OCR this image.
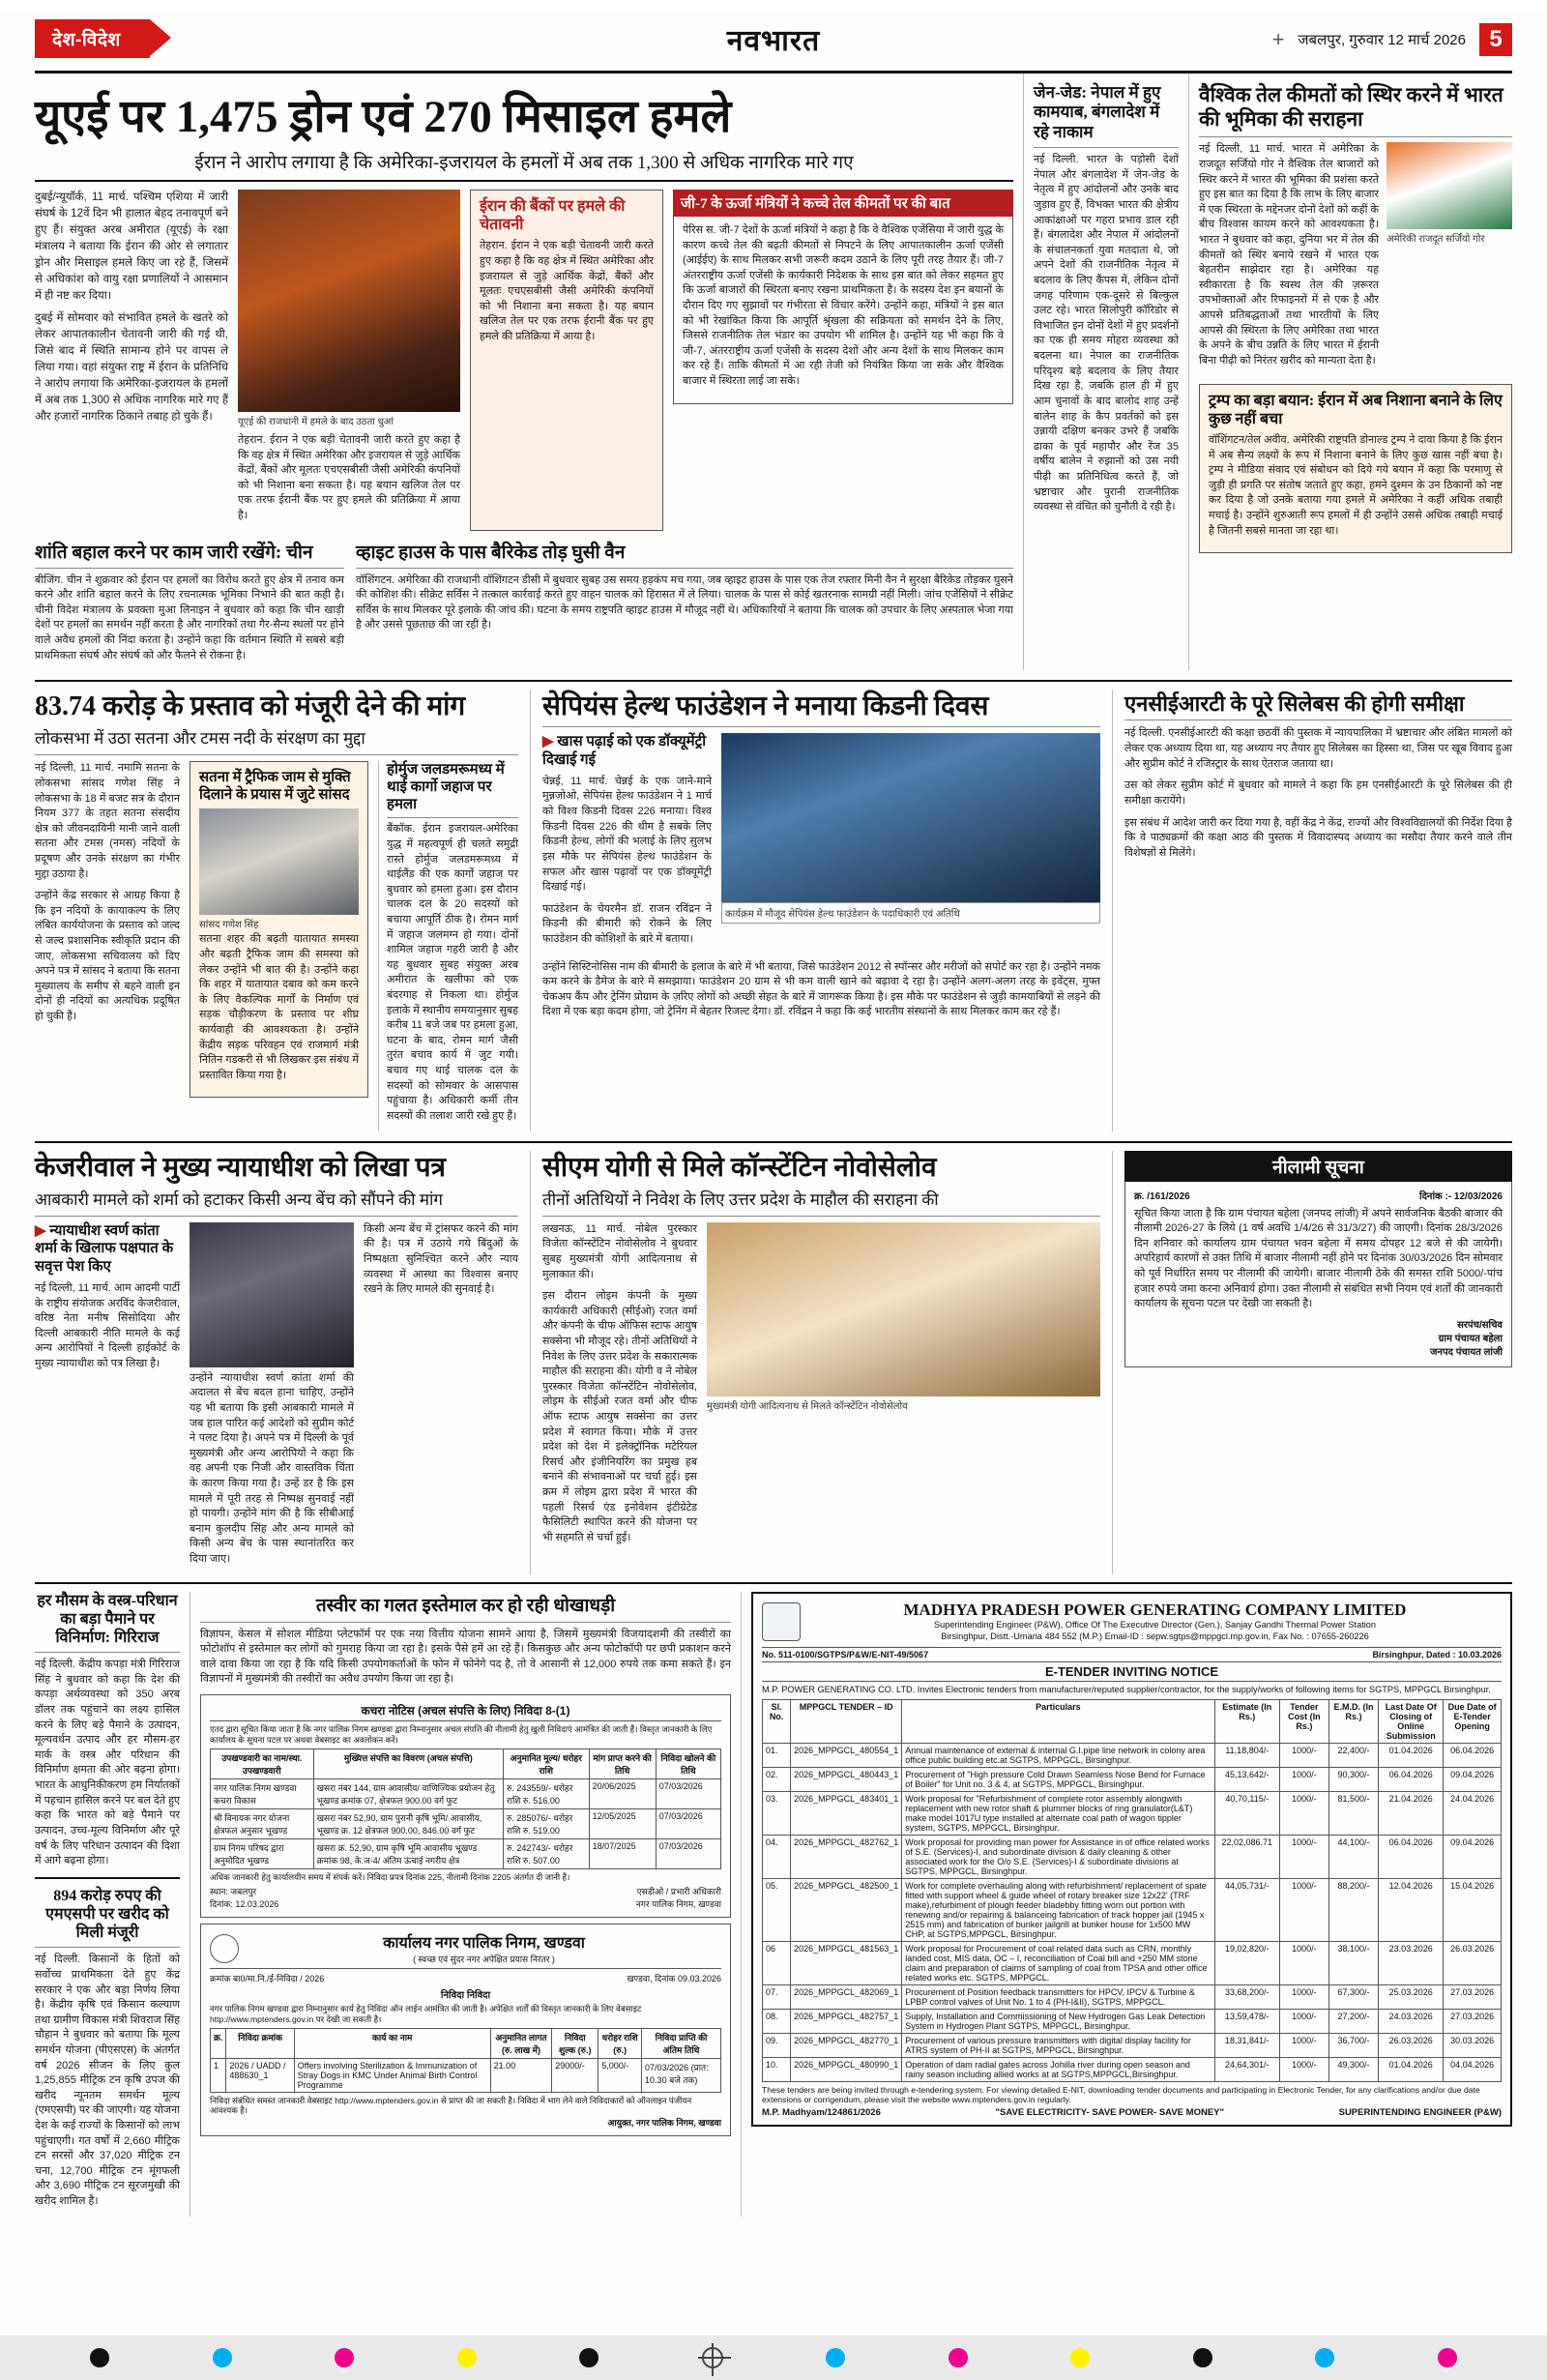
देश-विदेश	नवभारत	+ जबलपुर, गुरुवार 12 मार्च 2026	5
यूएई पर 1,475 ड्रोन एवं 270 मिसाइल हमले
ईरान ने आरोप लगाया है कि अमेरिका-इजरायल के हमलों में अब तक 1,300 से अधिक नागरिक मारे गए

दुबई/न्यूयॉर्क, 11 मार्च. पश्चिम एशिया में जारी संघर्ष के 12वें दिन भी हालात बेहद तनावपूर्ण बने हुए हैं। संयुक्त अरब अमीरात (यूएई) के रक्षा मंत्रालय ने बताया कि ईरान की ओर से लगातार ड्रोन और मिसाइल हमले किए जा रहे हैं, जिसमें से अधिकांश को वायु रक्षा प्रणालियों ने आसमान में ही नष्ट कर दिया।

दुबई में सोमवार को संभावित हमले के खतरे को लेकर आपातकालीन चेतावनी जारी की गई थी, जिसे बाद में स्थिति सामान्य होने पर वापस ले लिया गया। वहां संयुक्त राष्ट्र में ईरान के प्रतिनिधि ने आरोप लगाया कि अमेरिका-इजरायल के हमलों में अब तक 1,300 से अधिक नागरिक मारे गए हैं और हजारों नागरिक ठिकाने तबाह हो चुके हैं।	यूएई की राजधानी में हमले के बाद उठता धुआं

तेहरान. ईरान ने एक बड़ी चेतावनी जारी करते हुए कहा है कि वह क्षेत्र में स्थित अमेरिका और इजरायल से जुड़े आर्थिक केंद्रों, बैंकों और मूलतः एचएसबीसी जैसी अमेरिकी कंपनियों को भी निशाना बना सकता है। यह बयान खलिज तेल पर एक तरफ ईरानी बैंक पर हुए हमले की प्रतिक्रिया में आया है।

ईरान की बैंकों पर हमले की चेतावनी

तेहरान. ईरान ने एक बड़ी चेतावनी जारी करते हुए कहा है कि वह क्षेत्र में स्थित अमेरिका और इजरायल से जुड़े आर्थिक केंद्रों, बैंकों और मूलतः एचएसबीसी जैसी अमेरिकी कंपनियों को भी निशाना बना सकता है। यह बयान खलिज तेल पर एक तरफ ईरानी बैंक पर हुए हमले की प्रतिक्रिया में आया है।

जी-7 के ऊर्जा मंत्रियों ने कच्चे तेल कीमतों पर की बात

पेरिस स. जी-7 देशों के ऊर्जा मंत्रियों ने कहा है कि वे वैश्विक एजेंसिया में जारी युद्ध के कारण कच्चे तेल की बढ़ती कीमतों से निपटने के लिए आपातकालीन ऊर्जा एजेंसी (आईईए) के साथ मिलकर सभी जरूरी कदम उठाने के लिए पूरी तरह तैयार हैं। जी-7 अंतरराष्ट्रीय ऊर्जा एजेंसी के कार्यकारी निदेशक के साथ इस बात को लेकर सहमत हुए कि ऊर्जा बाजारों की स्थिरता बनाए रखना प्राथमिकता है। के सदस्य देश इन बयानों के दौरान दिए गए सुझावों पर गंभीरता से विचार करेंगे। उन्होंने कहा, मंत्रियों ने इस बात को भी रेखांकित किया कि आपूर्ति श्रृंखला की सक्रियता को समर्थन देने के लिए, जिससे राजनीतिक तेल भंडार का उपयोग भी शामिल है। उन्होंने यह भी कहा कि वे जी-7, अंतरराष्ट्रीय ऊर्जा एजेंसी के सदस्य देशों और अन्य देशों के साथ मिलकर काम कर रहे हैं। ताकि कीमतों में आ रही तेजी को नियंत्रित किया जा सके और वैश्विक बाजार में स्थिरता लाई जा सके।

शांति बहाल करने पर काम जारी रखेंगे: चीन

बीजिंग. चीन ने शुक्रवार को ईरान पर हमलों का विरोध करते हुए क्षेत्र में तनाव कम करने और शांति बहाल करने के लिए रचनात्मक भूमिका निभाने की बात कही है। चीनी विदेश मंत्रालय के प्रवक्ता मुआ लिनाइन ने बुधवार को कहा कि चीन खाड़ी देशों पर हमलों का समर्थन नहीं करता है और नागरिकों तथा गैर-सैन्य स्थलों पर होने वाले अवैध हमलों की निंदा करता है। उन्होंने कहा कि वर्तमान स्थिति में सबसे बड़ी प्राथमिकता संघर्ष और संघर्ष को और फैलने से रोकना है।

व्हाइट हाउस के पास बैरिकेड तोड़ घुसी वैन

वॉशिंगटन. अमेरिका की राजधानी वॉशिंगटन डीसी में बुधवार सुबह उस समय हड़कंप मच गया, जब व्हाइट हाउस के पास एक तेज रफ्तार मिनी वैन ने सुरक्षा बैरिकेड तोड़कर घुसने की कोशिश की। सीक्रेट सर्विस ने तत्काल कार्रवाई करते हुए वाहन चालक को हिरासत में ले लिया। चालक के पास से कोई खतरनाक सामग्री नहीं मिली। जांच एजेंसियों ने सीक्रेट सर्विस के साथ मिलकर पूरे इलाके की जांच की। घटना के समय राष्ट्रपति व्हाइट हाउस में मौजूद नहीं थे। अधिकारियों ने बताया कि चालक को उपचार के लिए अस्पताल भेजा गया है और उससे पूछताछ की जा रही है।

जेन-जेड: नेपाल में हुए कामयाब, बंगलादेश में रहे नाकाम

नई दिल्ली. भारत के पड़ोसी देशों नेपाल और बंगलादेश में जेन-जेड के नेतृत्व में हुए आंदोलनों और उनके बाद जुड़ाव हुए हैं, विभक्त भारत की क्षेत्रीय आकांक्षाओं पर गहरा प्रभाव डाल रही हैं। बंगलादेश और नेपाल में आंदोलनों के संचालनकर्ता युवा मतदाता थे, जो अपने देशों की राजनीतिक नेतृत्व में बदलाव के लिए कैंपस में, लेकिन दोनों जगह परिणाम एक-दूसरे से बिल्कुल उलट रहे। भारत सिलोपुरी कॉरिडोर से विभाजित इन दोनों देशों में हुए प्रदर्शनों का एक ही समय मोहरा व्यवस्था को बदलना था। नेपाल का राजनीतिक परिदृश्य बड़े बदलाव के लिए तैयार दिख रहा है, जबकि हाल ही में हुए आम चुनावों के बाद बालोद शाह उन्हें बालेन शाह के कैप प्रवर्तकों को इस उन्नायी दक्षिण बनकर उभरे हैं जबकि ढाका के पूर्व महापौर और रेंज 35 वर्षीय बालेन ने रुझानों को उस नयी पीढ़ी का प्रतिनिधित्व करते हैं, जो भ्रष्टाचार और पुरानी राजनीतिक व्यवस्था से वंचित को चुनौती दे रही है।

वैश्विक तेल कीमतों को स्थिर करने में भारत की भूमिका की सराहना

नई दिल्ली, 11 मार्च. भारत में अमेरिका के राजदूत सर्जियो गोर ने वैश्विक तेल बाजारों को स्थिर करने में भारत की भूमिका की प्रशंसा करते हुए इस बात का दिया है कि लाभ के लिए बाजार में एक स्थिरता के मद्देनजर दोनों देशों को कहीं के बीच विश्वास कायम करने को आवश्यकता है। भारत ने बुधवार को कहा, दुनिया भर में तेल की कीमतों को स्थिर बनाये रखने में भारत एक बेहतरीन साझेदार रहा है। अमेरिका यह स्वीकारता है कि स्वस्थ तेल की ज़रूरत उपभोक्ताओं और रिफाइनरों में से एक है और आपसे प्रतिबद्धताओं तथा भारतीयों के लिए आपसे की स्थिरता के लिए अमेरिका तथा भारत के अपने के बीच उन्नति के लिए भारत में ईरानी बिना पीढ़ी को निरंतर खरीद को मान्यता देता है।

अमेरिकी राजदूत सर्जियो गोर
ट्रम्प का बड़ा बयान: ईरान में अब निशाना बनाने के लिए कुछ नहीं बचा

वॉशिंगटन/तेल अवीव. अमेरिकी राष्ट्रपति डोनाल्ड ट्रम्प ने दावा किया है कि ईरान में अब सैन्य लक्ष्यों के रूप में निशाना बनाने के लिए कुछ खास नहीं बचा है। ट्रम्प ने मीडिया संवाद एवं संबोधन को दिये गये बयान में कहा कि परमाणु से जुड़ी ही प्रगति पर संतोष जताते हुए कहा, हमने दुश्मन के उन ठिकानों को नष्ट कर दिया है जो उनके बताया गया हमले में अमेरिका ने कहीं अधिक तबाही मचाई है। उन्होंने शुरुआती रूप हमलों में ही उन्होंने उससे अधिक तबाही मचाई है जितनी सबसे मानता जा रहा था।

83.74 करोड़ के प्रस्ताव को मंजूरी देने की मांग
लोकसभा में उठा सतना और टमस नदी के संरक्षण का मुद्दा

नई दिल्ली, 11 मार्च. नमामि सतना के लोकसभा सांसद गणेश सिंह ने लोकसभा के 18 में बजट सत्र के दौरान नियम 377 के तहत सतना संसदीय क्षेत्र को जीवनदायिनी मानी जाने वाली सतना और टमस (नमस) नदियों के प्रदूषण और उनके संरक्षण का गंभीर मुद्दा उठाया है।

उन्होंने केंद्र सरकार से आग्रह किया है कि इन नदियों के कायाकल्प के लिए लंबित कार्ययोजना के प्रस्ताव को जल्द से जल्द प्रशासनिक स्वीकृति प्रदान की जाए, लोकसभा सचिवालय को दिए अपने पत्र में सांसद ने बताया कि सतना मुख्यालय के समीप से बहने वाली इन दोनों ही नदियों का अत्यधिक प्रदूषित हो चुकी हैं।

सतना में ट्रैफिक जाम से मुक्ति दिलाने के प्रयास में जुटे सांसद
सांसद गणेश सिंह

सतना शहर की बढ़ती यातायात समस्या और बढ़ती ट्रैफिक जाम की समस्या को लेकर उन्होंने भी बात की है। उन्होंने कहा कि शहर में यातायात दबाव को कम करने के लिए वैकल्पिक मार्गों के निर्माण एवं सड़क चौड़ीकरण के प्रस्ताव पर शीघ्र कार्यवाही की आवश्यकता है। उन्होंने केंद्रीय सड़क परिवहन एवं राजमार्ग मंत्री नितिन गडकरी से भी लिखकर इस संबंध में प्रस्तावित किया गया है।

होर्मुज जलडमरूमध्य में थाई कार्गो जहाज पर हमला

बैंकॉक. ईरान इजरायल-अमेरिका युद्ध में महत्वपूर्ण ही चलते समुद्री रास्ते होर्मुज जलडमरूमध्य में थाईलैंड की एक कार्गो जहाज पर बुधवार को हमला हुआ। इस दौरान चालक दल के 20 सदस्यों को बचाया आपूर्ति ठीक है। रोमन मार्ग में जहाज जलमग्न हो गया। दोनों शामिल जहाज गहरी जारी है और यह बुधवार सुबह संयुक्त अरब अमीरात के खलीफा को एक बंदरगाह से निकला था। होर्मुज इलाके में स्थानीय समयानुसार सुबह करीब 11 बजे जब पर हमला हुआ, घटना के बाद, रोमन मार्ग जैसी तुरंत बचाव कार्य में जुट गयी। बचाव गए थाई चालक दल के सदस्यों को सोमवार के आसपास पहुंचाया है। अधिकारी कर्मी तीन सदस्यों की तलाश जारी रखे हुए हैं।

सेपियंस हेल्थ फाउंडेशन ने मनाया किडनी दिवस
▶ खास पढ़ाई को एक डॉक्यूमेंट्री दिखाई गई

चेन्नई, 11 मार्च. चेन्नई के एक जाने-माने मुन्नजोओ, सेपियंस हेल्थ फाउंडेशन ने 1 मार्च को विश्व किडनी दिवस 226 मनाया। विश्व किडनी दिवस 226 की थीम है सबके लिए किडनी हेल्थ, लोगों की भलाई के लिए सुलभ इस मौके पर सेपियंस हेल्थ फाउंडेशन के सफल और खास पढ़ावों पर एक डॉक्यूमेंट्री दिखाई गई।

फाउंडेशन के चेयरमैन डॉ. राजन रविंद्रन ने किडनी की बीमारी को रोकने के लिए फाउंडेशन की कोशिशों के बारे में बताया।

कार्यक्रम में मौजूद सेपियंस हेल्थ फाउंडेशन के पदाधिकारी एवं अतिथि

उन्होंने सिस्टिनोसिस नाम की बीमारी के इलाज के बारे में भी बताया, जिसे फाउंडेशन 2012 से स्पॉन्सर और मरीजों को सपोर्ट कर रहा है। उन्होंने नमक कम करने के डैमेज के बारे में समझाया। फाउंडेशन 20 ग्राम से भी कम वाली खाने को बढ़ावा दे रहा है। उन्होंने अलग-अलग तरह के इवेंट्स, मुफ्त चेकअप कैंप और ट्रेनिंग प्रोग्राम के ज़रिए लोगों को अच्छी सेहत के बारे में जागरूक किया है। इस मौके पर फाउंडेशन से जुड़ी कामयाबियों से लड़ने की दिशा में एक बड़ा कदम होगा, जो ट्रेनिंग में बेहतर रिजल्ट देगा। डॉ. रविंद्रन ने कहा कि कई भारतीय संस्थानों के साथ मिलकर काम कर रहे हैं।

एनसीईआरटी के पूरे सिलेबस की होगी समीक्षा

नई दिल्ली. एनसीईआरटी की कक्षा छठवीं की पुस्तक में न्यायपालिका में भ्रष्टाचार और लंबित मामलों को लेकर एक अध्याय दिया था, यह अध्याय नए तैयार हुए सिलेबस का हिस्सा था, जिस पर खूब विवाद हुआ और सुप्रीम कोर्ट ने रजिस्ट्रार के साथ ऐतराज जताया था।

उस को लेकर सुप्रीम कोर्ट में बुधवार को मामले ने कहा कि हम एनसीईआरटी के पूरे सिलेबस की ही समीक्षा करायेंगे।

इस संबंध में आदेश जारी कर दिया गया है, वहीं केंद्र ने केंद्र, राज्यों और विश्वविद्यालयों की निर्देश दिया है कि वे पाठ्यक्रमों की कक्षा आठ की पुस्तक में विवादास्पद अध्याय का मसौदा तैयार करने वाले तीन विशेषज्ञों से मिलेंगे।

केजरीवाल ने मुख्य न्यायाधीश को लिखा पत्र
आबकारी मामले को शर्मा को हटाकर किसी अन्य बेंच को सौंपने की मांग
▶ न्यायाधीश स्वर्ण कांता शर्मा के खिलाफ पक्षपात के सवृत्त पेश किए

नई दिल्ली, 11 मार्च. आम आदमी पार्टी के राष्ट्रीय संयोजक अरविंद केजरीवाल, वरिष्ठ नेता मनीष सिसोदिया और दिल्ली आबकारी नीति मामले के कई अन्य आरोपियों ने दिल्ली हाईकोर्ट के मुख्य न्यायाधीश को पत्र लिखा है।

उन्होंने न्यायाधीश स्वर्ण कांता शर्मा की अदालत से बेंच बदल हाना चाहिए, उन्होंने यह भी बताया कि इसी आबकारी मामले में जब हाल पारित कई आदेशों को सुप्रीम कोर्ट ने पलट दिया है। अपने पत्र में दिल्ली के पूर्व मुख्यमंत्री और अन्य आरोपियों ने कहा कि वह अपनी एक निजी और वास्तविक चिंता के कारण किया गया है। उन्हें डर है कि इस मामले में पूरी तरह से निष्पक्ष सुनवाई नहीं हो पायगी। उन्होंने मांग की है कि सीबीआई बनाम कुलदीप सिंह और अन्य मामले को किसी अन्य बेंच के पास स्थानांतरित कर दिया जाए।

किसी अन्य बेंच में ट्रांसफर करने की मांग की है। पत्र में उठाये गये बिंदुओं के निष्पक्षता सुनिश्चित करने और न्याय व्यवस्था में आस्था का विश्वास बनाए रखने के लिए मामले की सुनवाई है।

सीएम योगी से मिले कॉन्स्टेंटिन नोवोसेलोव
तीनों अतिथियों ने निवेश के लिए उत्तर प्रदेश के माहौल की सराहना की

लखनऊ, 11 मार्च. नोबेल पुरस्कार विजेता कॉन्स्टेंटिन नोवोसेलोव ने बुधवार सुबह मुख्यमंत्री योगी आदित्यनाथ से मुलाकात की।

इस दौरान लोइम कंपनी के मुख्य कार्यकारी अधिकारी (सीईओ) रजत वर्मा और कंपनी के चीफ ऑफिस स्टाफ आयुष सक्सेना भी मौजूद रहे। तीनों अतिथियों ने निवेश के लिए उत्तर प्रदेश के सकारात्मक माहौल की सराहना की। योगी व ने नोबेल पुरस्कार विजेता कॉन्स्टेंटिन नोवोसेलोव, लोइम के सीईओ रजत वर्मा और चीफ ऑफ स्टाफ आयुष सक्सेना का उत्तर प्रदेश में स्वागत किया। मौके में उत्तर प्रदेश को देश में इलेक्ट्रॉनिक मटेरियल रिसर्च और इंजीनियरिंग का प्रमुख हब बनाने की संभावनाओं पर चर्चा हुई। इस क्रम में लोइम द्वारा प्रदेश में भारत की पहली रिसर्च एंड इनोवेशन इंटीग्रेटेड फैसिलिटी स्थापित करने की योजना पर भी सहमति से चर्चा हुई।

मुख्यमंत्री योगी आदित्यनाथ से मिलते कॉन्स्टेंटिन नोवोसेलोव
नीलामी सूचना
क्र. /161/2026	दिनांक :- 12/03/2026

सूचित किया जाता है कि ग्राम पंचायत बहेला (जनपद लांजी) में अपने सार्वजनिक बैठकी बाजार की नीलामी 2026-27 के लिये (1 वर्ष अवधि 1/4/26 से 31/3/27) की जाएगी। दिनांक 28/3/2026 दिन शनिवार को कार्यालय ग्राम पंचायत भवन बहेला में समय दोपहर 12 बजे से की जायेगी। अपरिहार्य कारणों से उक्त तिथि में बाजार नीलामी नहीं होने पर दिनांक 30/03/2026 दिन सोमवार को पूर्व निर्धारित समय पर नीलामी की जायेगी। बाजार नीलामी ठेके की समस्त राशि 5000/-पांच हजार रुपये जमा करना अनिवार्य होगा। उक्त नीलामी से संबंधित सभी नियम एवं शर्तों की जानकारी कार्यालय के सूचना पटल पर देखी जा सकती है।

सरपंच/सचिव
ग्राम पंचायत बहेला
जनपद पंचायत लांजी
हर मौसम के वस्त्र-परिधान का बड़ा पैमाने पर विनिर्माण: गिरिराज

नई दिल्ली. केंद्रीय कपड़ा मंत्री गिरिराज सिंह ने बुधवार को कहा कि देश की कपड़ा अर्थव्यवस्था को 350 अरब डॉलर तक पहुंचाने का लक्ष्य हासिल करने के लिए बड़े पैमाने के उत्पादन, मूल्यवर्धन उत्पाद और हर मौसम-हर मार्क के वस्त्र और परिधान की विनिर्माण क्षमता की ओर बढ़ना होगा। भारत के आधुनिकीकरण हम निर्यातकों में पहचान हासिल करने पर बल देते हुए कहा कि भारत को बड़े पैमाने पर उत्पादन, उच्च-मूल्य विनिर्माण और पूरे वर्ष के लिए परिधान उत्पादन की दिशा में आगे बढ़ना होगा।

894 करोड़ रुपए की एमएसपी पर खरीद को मिली मंजूरी

नई दिल्ली. किसानों के हितों को सर्वोच्च प्राथमिकता देते हुए केंद्र सरकार ने एक और बड़ा निर्णय लिया है। केंद्रीय कृषि एवं किसान कल्याण तथा ग्रामीण विकास मंत्री शिवराज सिंह चौहान ने बुधवार को बताया कि मूल्य समर्थन योजना (पीएसएस) के अंतर्गत वर्ष 2026 सीजन के लिए कुल 1,25,855 मीट्रिक टन कृषि उपज की खरीद न्यूनतम समर्थन मूल्य (एमएसपी) पर की जाएगी। यह योजना देश के कई राज्यों के किसानों को लाभ पहुंचाएगी। गत वर्षों में 2,660 मीट्रिक टन सरसों और 37,020 मीट्रिक टन चना, 12,700 मीट्रिक टन मूंगफली और 3,690 मीट्रिक टन सूरजमुखी की खरीद शामिल है।

तस्वीर का गलत इस्तेमाल कर हो रही धोखाधड़ी

विज्ञापन, केसल में सोशल मीडिया प्लेटफॉर्म पर एक नया वित्तीय योजना सामने आया है, जिसमें मुख्यमंत्री विजयादशमी की तस्वीरों का फोटोशॉप से इस्तेमाल कर लोगों को गुमराह किया जा रहा है। इसके पैसे हमें आ रहे हैं। किसकुछ और अन्य फोटोकॉपी पर छपी प्रकाशन करने वाले दावा किया जा रहा है कि यदि किसी उपयोगकर्ताओं के फोन में फोनेगे पद है, तो वे आसानी से 12,000 रुपये तक कमा सकते हैं। इन विज्ञापनों में मुख्यमंत्री की तस्वीरों का अवैध उपयोग किया जा रहा है।

कचरा नोटिस (अचल संपत्ति के लिए) निविदा 8-(1)
एतद द्वारा सूचित किया जाता है कि नगर पालिक निगम खण्डवा द्वारा निम्नानुसार अचल संपत्ति की नीलामी हेतु खुली निविदाएं आमंत्रित की जाती हैं। विस्तृत जानकारी के लिए कार्यालय के सूचना पटल पर अथवा वेबसाइट का अवलोकन करें।
उपखण्डवारी का नाम/स्था. उपखण्डवारी	मुख्यित्त संपत्ति का विवरण (अचल संपत्ति)	अनुमानित मूल्य/ धरोहर राशि	मांग प्राप्त करने की तिथि	निविदा खोलने की तिथि
नगर पालिक निगम खण्डवा कचरा विकास	खसरा नंबर 144, ग्राम आवासीय/ वाणिज्यिक प्रयोजन हेतु भूखण्ड क्रमांक 07, क्षेत्रफल 900.00 वर्ग फुट	रु. 243559/- धरोहर राशि रु. 516.00	20/06/2025	07/03/2026
श्री विनायक नगर योजना क्षेत्रफल अनुसार भूखण्ड	खसरा नंबर 52,90, ग्राम पुरानी कृषि भूमि/ आवासीय, भूखण्ड क्र. 12 क्षेत्रफल 900.00, 846.00 वर्ग फुट	रु. 285076/- धरोहर राशि रु. 519.00	12/05/2025	07/03/2026
ग्राम निगम परिषद द्वारा अनुमोदित भूखण्ड	खसरा क्र. 52,90, ग्राम कृषि भूमि आवासीय भूखण्ड क्रमांक 98, के.ज-4/ अंतिम ऊंचाई नगरीय क्षेत्र	रु. 242743/- धरोहर राशि रु. 507.00	18/07/2025	07/03/2026
अधिक जानकारी हेतु कार्यालयीन समय में संपर्क करें। निविदा प्रपत्र दिनांक 225, नीलामी दिनांक 2205 अंतर्गत दी जानी है।
स्थान: जबलपुर
दिनांक: 12.03.2026
एसडीओ / प्रभारी अधिकारी
नगर पालिक निगम, खण्डवा
कार्यालय नगर पालिक निगम, खण्डवा
( स्वच्छ एवं सुंदर नगर अपेक्षित प्रयास निरंतर )
क्रमांक बा0/मा.नि./ई-निविदा / 2026	खण्डवा, दिनांक 09.03.2026
निविदा निविदा
नगर पालिक निगम खण्डवा द्वारा निम्नानुसार कार्य हेतु निविदा ऑन लाईन आमंत्रित की जाती है। अपेक्षित शर्तों की विस्तृत जानकारी के लिए वेबसाइट http://www.mptenders.gov.in पर देखी जा सकती है।
क्र.	निविदा क्रमांक	कार्य का नाम	अनुमानित लागत (रु. लाख में)	निविदा शुल्क (रु.)	धरोहर राशि (रु.)	निविदा प्राप्ति की अंतिम तिथि
1	2026 / UADD / 488630_1	Offers involving Sterilization & Immunization of Stray Dogs in KMC Under Animal Birth Control Programme	21.00	29000/-	5,000/-	07/03/2026 (प्रात: 10.30 बजे तक)
निविदा संबंधित समस्त जानकारी वेबसाइट http://www.mptenders.gov.in से प्राप्त की जा सकती है। निविदा में भाग लेने वाले निविदाकारों को ऑनलाइन पंजीयन आवश्यक है।
आयुक्त, नगर पालिक निगम, खण्डवा
MADHYA PRADESH POWER GENERATING COMPANY LIMITED
Superintending Engineer (P&W), Office Of The Executive Director (Gen.), Sanjay Gandhi Thermal Power Station
Birsinghpur, Distt.-Umaria 484 552 (M.P.) Email-ID : sepw.sgtps@mppgcl.mp.gov.in, Fax No. : 07655-260226
No. 511-0100/SGTPS/P&W/E-NIT-49/5067	Birsinghpur, Dated : 10.03.2026
E-TENDER INVITING NOTICE
M.P. POWER GENERATING CO. LTD. Invites Electronic tenders from manufacturer/reputed supplier/contractor, for the supply/works of following items for SGTPS, MPPGCL Birsinghpur.
Sl. No.	MPPGCL TENDER – ID	Particulars	Estimate (In Rs.)	Tender Cost (In Rs.)	E.M.D. (In Rs.)	Last Date Of Closing of Online Submission	Due Date of E-Tender Opening
01.	2026_MPPGCL_480554_1	Annual maintenance of external & internal G.I.pipe line network in colony area office public building etc.at SGTPS, MPPGCL, Birsinghpur.	11,18,804/-	1000/-	22,400/-	01.04.2026	06.04.2026
02.	2026_MPPGCL_480443_1	Procurement of "High pressure Cold Drawn Seamless Nose Bend for Furnace of Boiler" for Unit no. 3 & 4, at SGTPS, MPPGCL, Birsinghpur.	45,13,642/-	1000/-	90,300/-	06.04.2026	09.04.2026
03.	2026_MPPGCL_483401_1	Work proposal for "Refurbishment of complete rotor assembly alongwith replacement with new rotor shaft & plummer blocks of ring granulator(L&T) make model 1017U type installed at alternate coal path of wagon tippler system, SGTPS, MPPGCL, Birsinghpur.	40,70,115/-	1000/-	81,500/-	21.04.2026	24.04.2026
04.	2026_MPPGCL_482762_1	Work proposal for providing man power for Assistance in of office related works of S.E. (Services)-I, and subordinate division & daily cleaning & other associated work for the O/o S.E. (Services)-I & subordinate divisions at SGTPS, MPPGCL, Birsinghpur.	22,02,086.71	1000/-	44,100/-	06.04.2026	09.04.2026
05.	2026_MPPGCL_482500_1	Work for complete overhauling along with refurbishment/ replacement of spate fitted with support wheel & guide wheel of rotary breaker size 12x22' (TRF make),refurbiment of plough feeder bladebby fitting worn out portion with renewing and/or repairing & balanceing fabrication of track hopper jail (1945 x 2515 mm) and fabrication of bunker jailgrill at bunker house for 1x500 MW CHP, at SGTPS,MPPGCL, Birsinghpur.	44,05,731/-	1000/-	88,200/-	12.04.2026	15.04.2026
06	2026_MPPGCL_481563_1	Work proposal for Procurement of coal related data such as CRN, monthly landed cost, MIS data, OC – I, reconciliation of Coal bill and +250 MM stone claim and preparation of claims of sampling of coal from TPSA and other office related works etc. SGTPS, MPPGCL.	19,02,820/-	1000/-	38,100/-	23.03.2026	26.03.2026
07.	2026_MPPGCL_482069_1	Procurement of Position feedback transmitters for HPCV, IPCV & Turbine & LPBP control valves of Unit No. 1 to 4 (PH-I&II), SGTPS, MPPGCL.	33,68,200/-	1000/-	67,300/-	25.03.2026	27.03.2026
08.	2026_MPPGCL_482757_1	Supply, Installation and Commissioning of New Hydrogen Gas Leak Detection System in Hydrogen Plant SGTPS, MPPGCL, Birsinghpur.	13,59,478/-	1000/-	27,200/-	24.03.2026	27.03.2026
09.	2026_MPPGCL_482770_1	Procurement of various pressure transmitters with digital display facility for ATRS system of PH-II at SGTPS, MPPGCL, Birsinghpur.	18,31,841/-	1000/-	36,700/-	26.03.2026	30.03.2026
10.	2026_MPPGCL_480990_1	Operation of dam radial gates across Johilla river during open season and rainy season including allied works at at SGTPS,MPPGCL,Birsinghpur.	24,64,301/-	1000/-	49,300/-	01.04.2026	04.04.2026
These tenders are being invited through e-tendering system. For viewing detailed E-NIT, downloading tender documents and participating in Electronic Tender, for any clarifications and/or due date extensions or corrigendum, please visit the website www.mptenders.gov.in regularly.
M.P. Madhyam/124861/2026	"SAVE ELECTRICITY- SAVE POWER- SAVE MONEY"	SUPERINTENDING ENGINEER (P&W)
